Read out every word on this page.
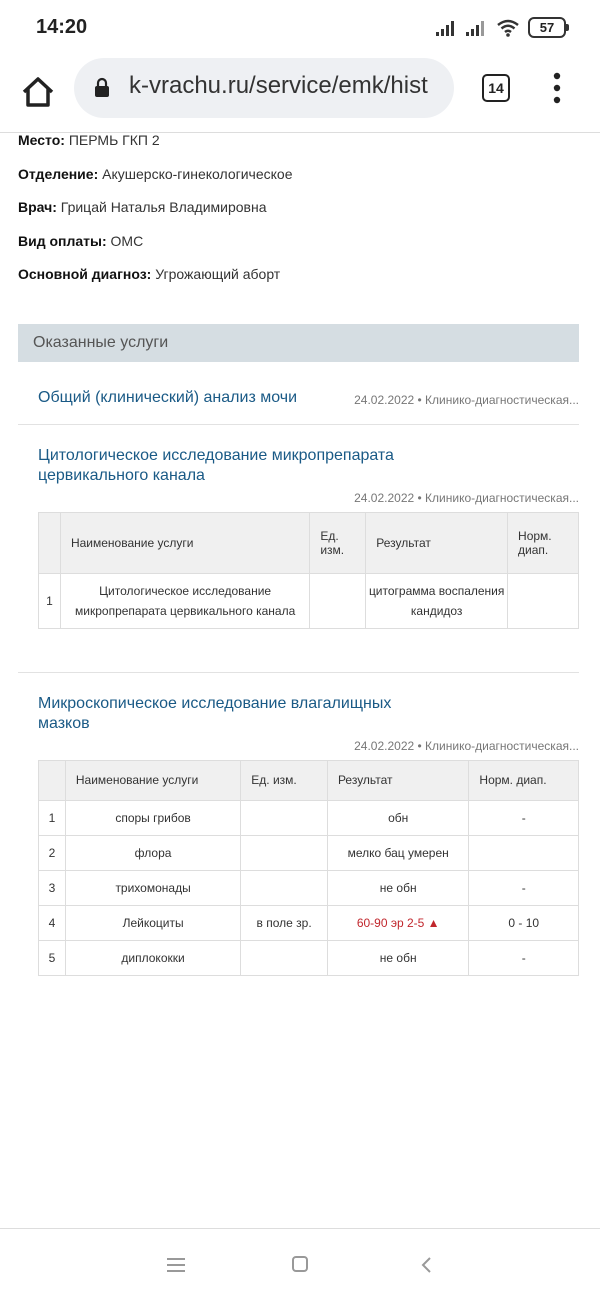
14:20	57
k-vrachu.ru/service/emk/hist	14
Место: ПЕРМЬ ГКП 2
Отделение: Акушерско-гинекологическое
Врач: Грицай Наталья Владимировна
Вид оплаты: ОМС
Основной диагноз: Угрожающий аборт
Оказанные услуги
Общий (клинический) анализ мочи	24.02.2022 • Клинико-диагностическая...
Цитологическое исследование микропрепарата цервикального канала
24.02.2022 • Клинико-диагностическая...
	Наименование услуги	Ед. изм.	Результат	Норм. диап.
1	Цитологическое исследование микропрепарата цервикального канала		цитограмма воспаления кандидоз	
Микроскопическое исследование влагалищных мазков
24.02.2022 • Клинико-диагностическая...
	Наименование услуги	Ед. изм.	Результат	Норм. диап.
1	споры грибов		обн	-
2	флора		мелко бац умерен	
3	трихомонады		не обн	-
4	Лейкоциты	в поле зр.	60-90 эр 2-5 ▲	0 - 10
5	диплококки		не обн	-
